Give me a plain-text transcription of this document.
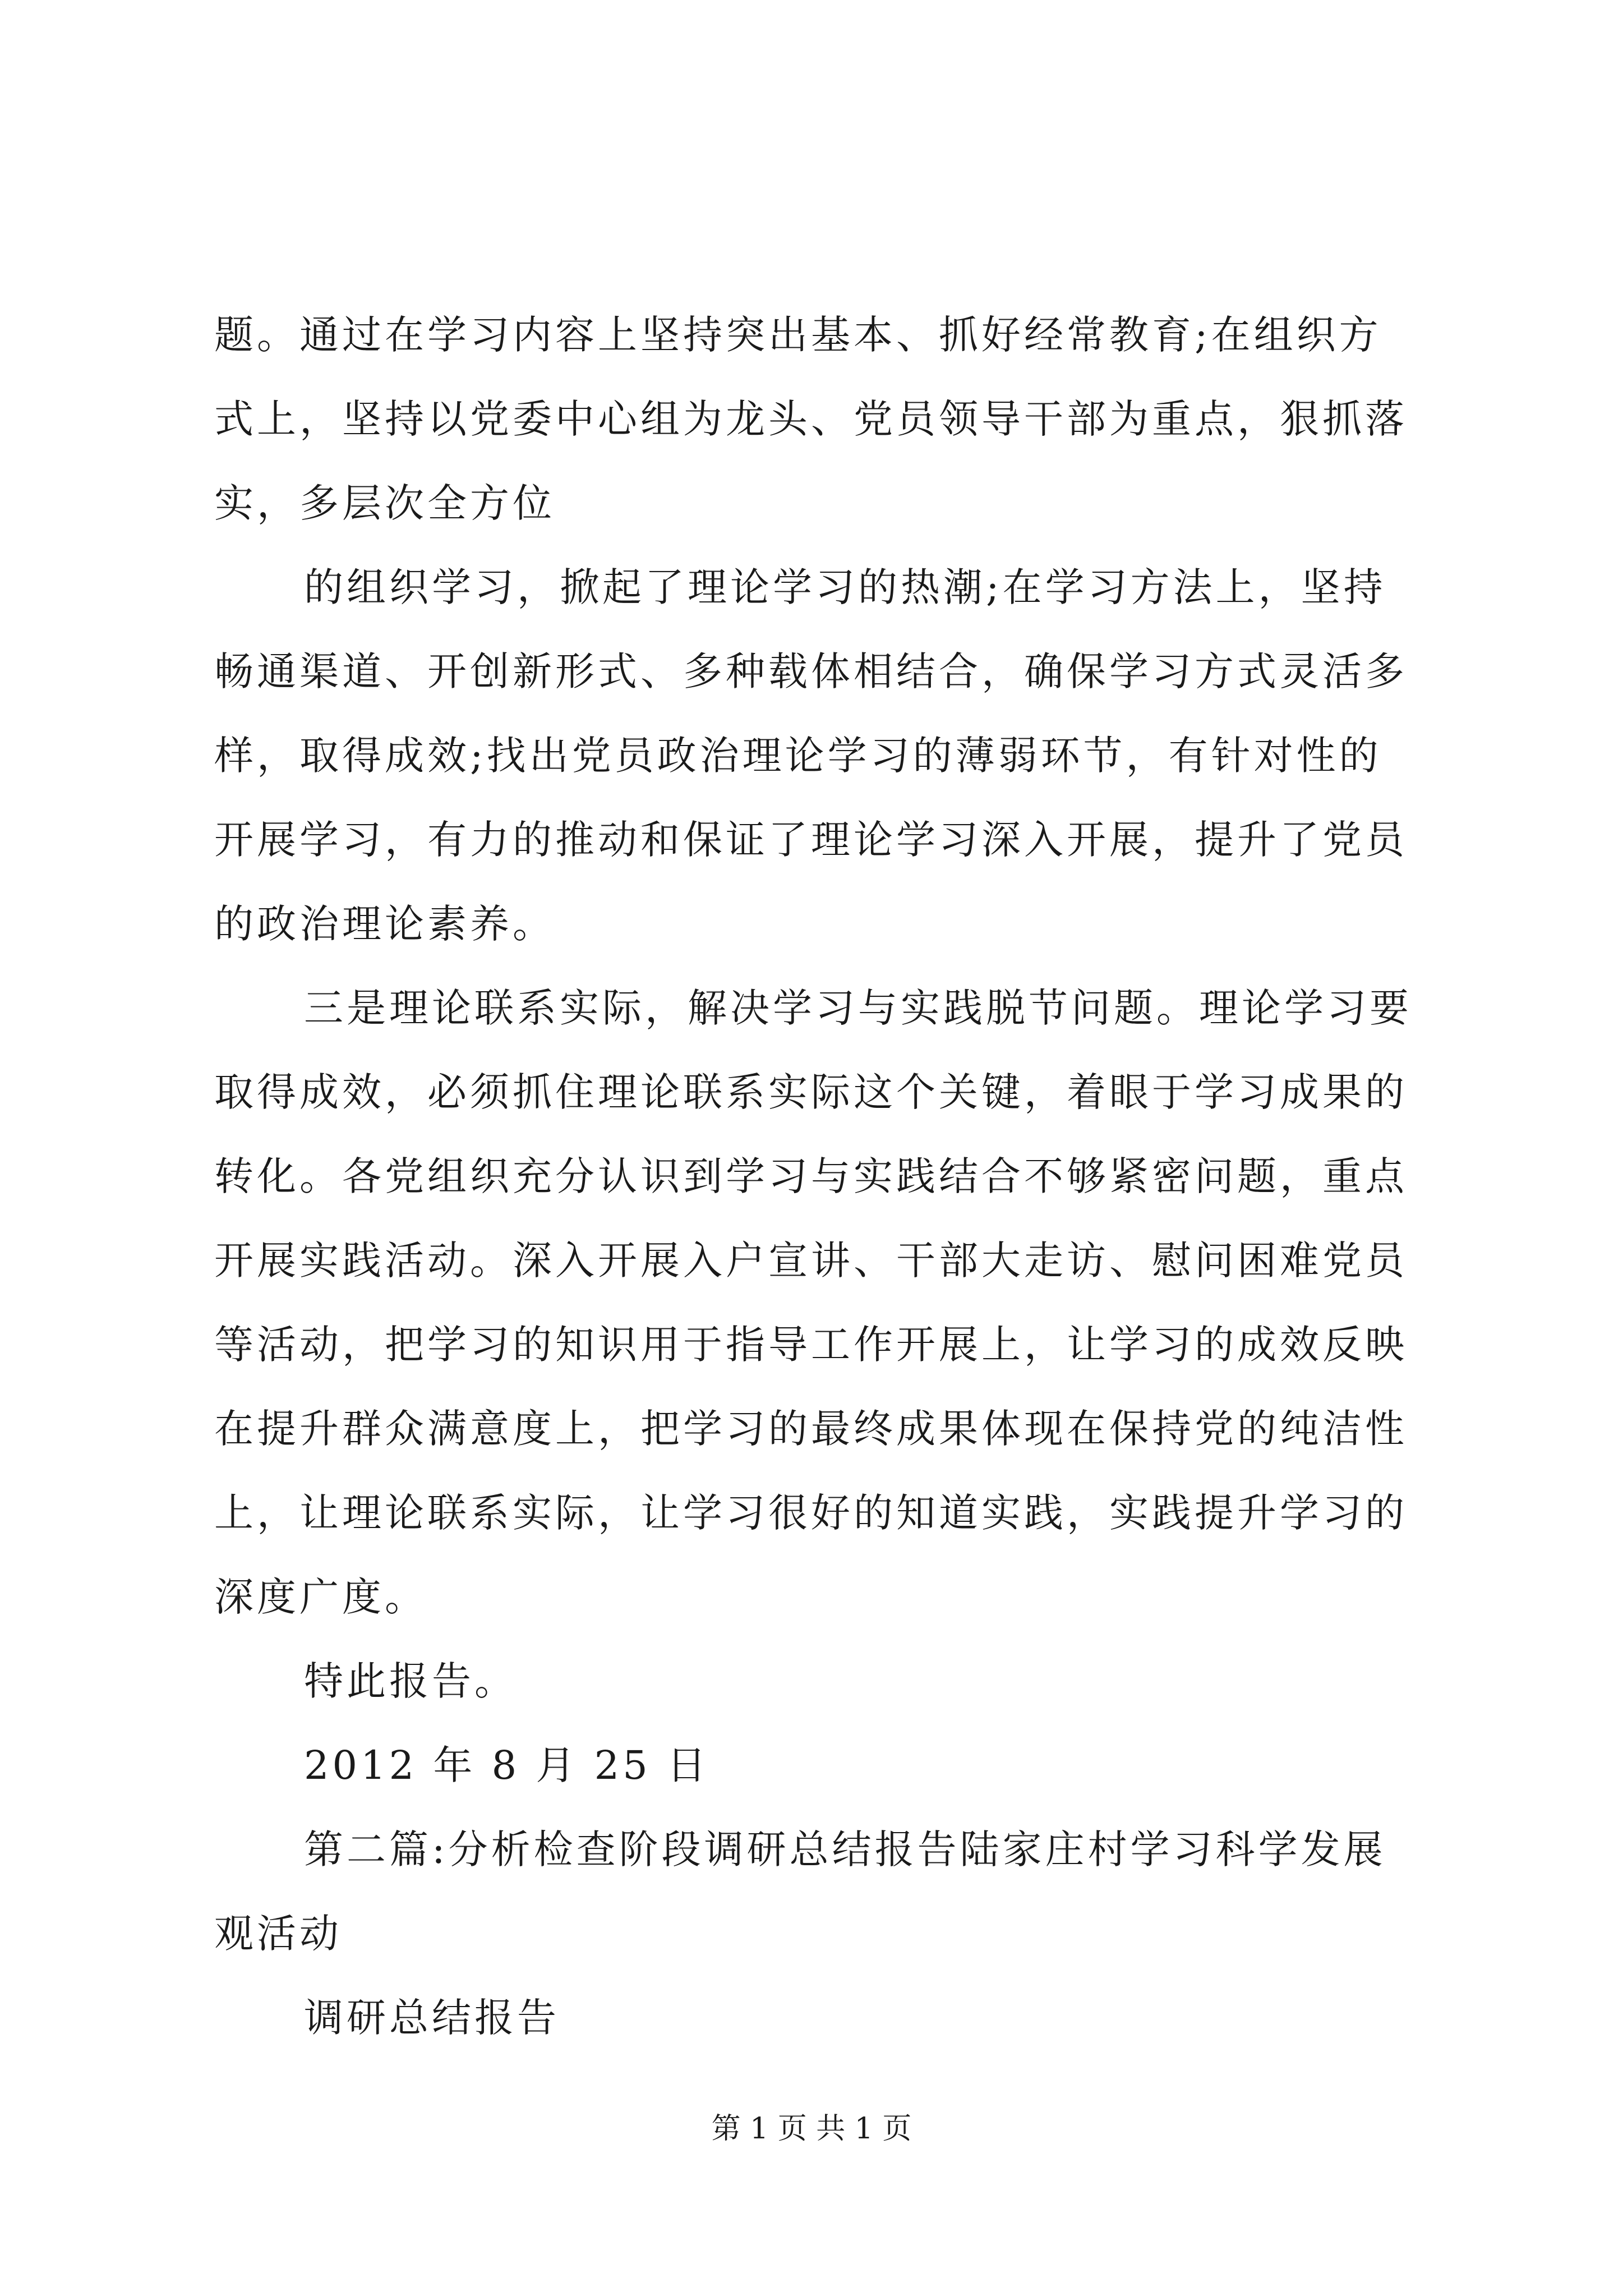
题。通过在学习内容上坚持突出基本、抓好经常教育;在组织方
式上，坚持以党委中心组为龙头、党员领导干部为重点，狠抓落
实，多层次全方位
的组织学习，掀起了理论学习的热潮;在学习方法上，坚持
畅通渠道、开创新形式、多种载体相结合，确保学习方式灵活多
样，取得成效;找出党员政治理论学习的薄弱环节，有针对性的
开展学习，有力的推动和保证了理论学习深入开展，提升了党员
的政治理论素养。
三是理论联系实际，解决学习与实践脱节问题。理论学习要
取得成效，必须抓住理论联系实际这个关键，着眼于学习成果的
转化。各党组织充分认识到学习与实践结合不够紧密问题，重点
开展实践活动。深入开展入户宣讲、干部大走访、慰问困难党员
等活动，把学习的知识用于指导工作开展上，让学习的成效反映
在提升群众满意度上，把学习的最终成果体现在保持党的纯洁性
上，让理论联系实际，让学习很好的知道实践，实践提升学习的
深度广度。
特此报告。
2012 年 8 月 25 日
第二篇:分析检查阶段调研总结报告陆家庄村学习科学发展
观活动
调研总结报告
第 1 页 共 1 页
